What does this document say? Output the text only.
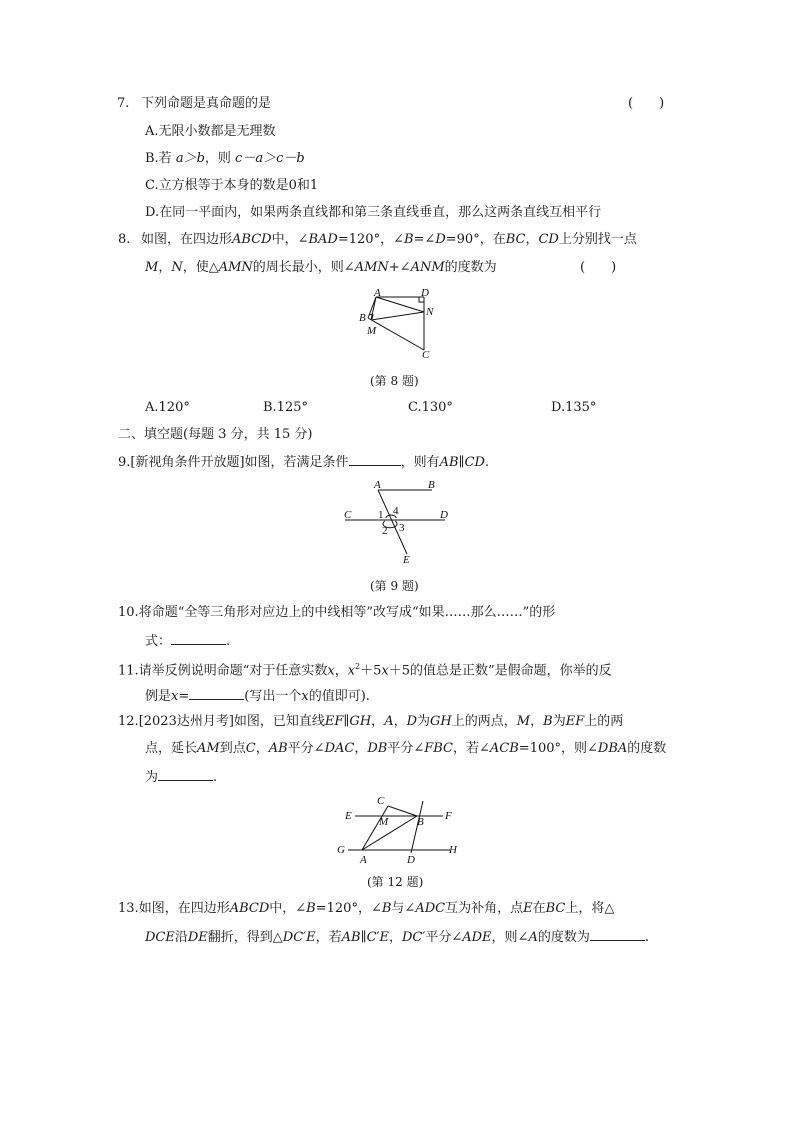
7. 下列命题是真命题的是	(　　)
A.无限小数都是无理数
B.若 a＞b，则 c－a＞c－b
C.立方根等于本身的数是0和1
D.在同一平面内，如果两条直线都和第三条直线垂直，那么这两条直线互相平行
8. 如图，在四边形ABCD中，∠BAD=120°，∠B=∠D=90°，在BC，CD上分别找一点
M，N，使△AMN的周长最小，则∠AMN+∠ANM的度数为	(　　)
A	D
B	N
M
C
(第 8 题)
A.120°	B.125°	C.130°	D.135°
二、填空题(每题 3 分，共 15 分)
9.[新视角条件开放题]如图，若满足条件	，则有AB∥CD.
A	B
C	D
E
1 4
2 3
(第 9 题)
10.将命题“全等三角形对应边上的中线相等”改写成“如果……那么……”的形
式：	.
11.请举反例说明命题“对于任意实数x，$x^2+5x+5$的值总是正数”是假命题，你举的反
例是x=	(写出一个x的值即可).
12.[2023达州月考]如图，已知直线EF∥GH，A，D为GH上的两点，M，B为EF上的两
点，延长AM到点C，AB平分∠DAC，DB平分∠FBC，若∠ACB=100°，则∠DBA的度数
为	.
C
E M	B F
G
A	D
H
(第 12 题)
13.如图，在四边形ABCD中，∠B=120°，∠B与∠ADC互为补角，点E在BC上，将△
DCE沿DE翻折，得到△DC′E，若AB∥C′E，DC′平分∠ADE，则∠A的度数为	.
